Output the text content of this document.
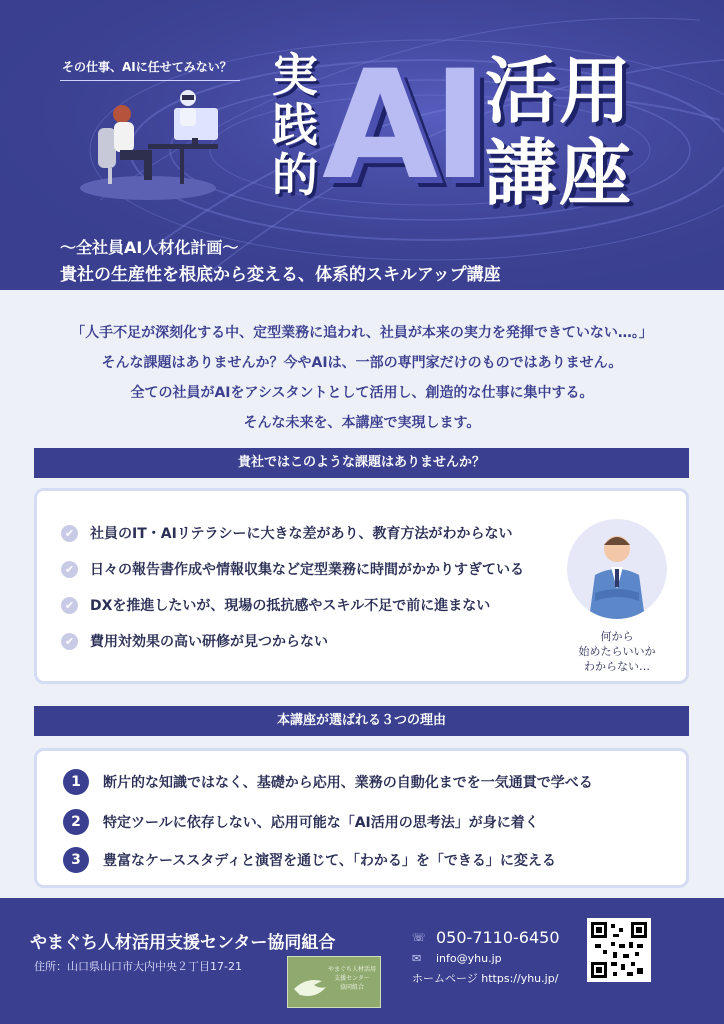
その仕事、AIに任せてみない？ 実践的 AI 活用講座
〜全社員AI人材化計画〜
貴社の生産性を根底から変える、体系的スキルアップ講座
「人手不足が深刻化する中、定型業務に追われ、社員が本来の実力を発揮できていない…。」
そんな課題はありませんか？今やAIは、一部の専門家だけのものではありません。
全ての社員がAIをアシスタントとして活用し、創造的な仕事に集中する。
そんな未来を、本講座で実現します。
貴社ではこのような課題はありませんか？
✔ 社員のIT・AIリテラシーに大きな差があり、教育方法がわからない
✔ 日々の報告書作成や情報収集など定型業務に時間がかかりすぎている
✔ DXを推進したいが、現場の抵抗感やスキル不足で前に進まない
✔ 費用対効果の高い研修が見つからない	何から
始めたらいいか
わからない…
本講座が選ばれる３つの理由
1	断片的な知識ではなく、基礎から応用、業務の自動化までを一気通貫で学べる
2	特定ツールに依存しない、応用可能な「AI活用の思考法」が身に着く
3	豊富なケーススタディと演習を通じて、「わかる」を「できる」に変える
やまぐち人材活用支援センター協同組合
住所：山口県山口市大内中央２丁目17-21	やまぐち人材活用
支援センター
協同組合
☏ 050-7110-6450
✉	info@yhu.jp
ホームページ https://yhu.jp/
